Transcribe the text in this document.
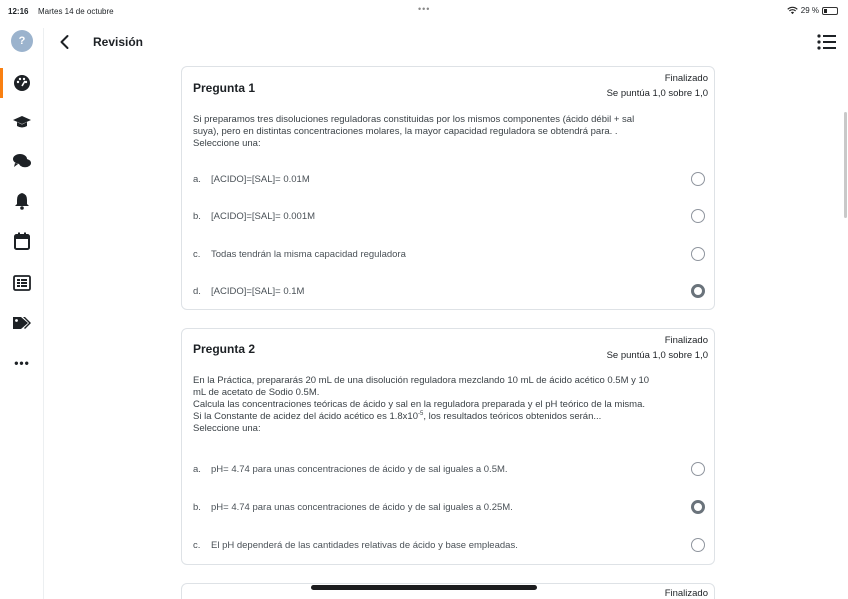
12:16 Martes 14 de octubre	•••	29 %
Revisión
?
•••
Pregunta 1
Finalizado
Se puntúa 1,0 sobre 1,0
Si preparamos tres disoluciones reguladoras constituidas por los mismos componentes (ácido débil + sal
suya), pero en distintas concentraciones molares, la mayor capacidad reguladora se obtendrá para. .
Seleccione una:
a.	[ACIDO]=[SAL]= 0.01M
b.	[ACIDO]=[SAL]= 0.001M
c.	Todas tendrán la misma capacidad reguladora
d.	[ACIDO]=[SAL]= 0.1M
Pregunta 2
Finalizado
Se puntúa 1,0 sobre 1,0
En la Práctica, prepararás 20 mL de una disolución reguladora mezclando 10 mL de ácido acético 0.5M y 10
mL de acetato de Sodio 0.5M.
Calcula las concentraciones teóricas de ácido y sal en la reguladora preparada y el pH teórico de la misma.
Si la Constante de acidez del ácido acético es $1.8x10^{-5}$, los resultados teóricos obtenidos serán...
Seleccione una:
a.	pH= 4.74 para unas concentraciones de ácido y de sal iguales a 0.5M.
b.	pH= 4.74 para unas concentraciones de ácido y de sal iguales a 0.25M.
c.	El pH dependerá de las cantidades relativas de ácido y base empleadas.
Finalizado
